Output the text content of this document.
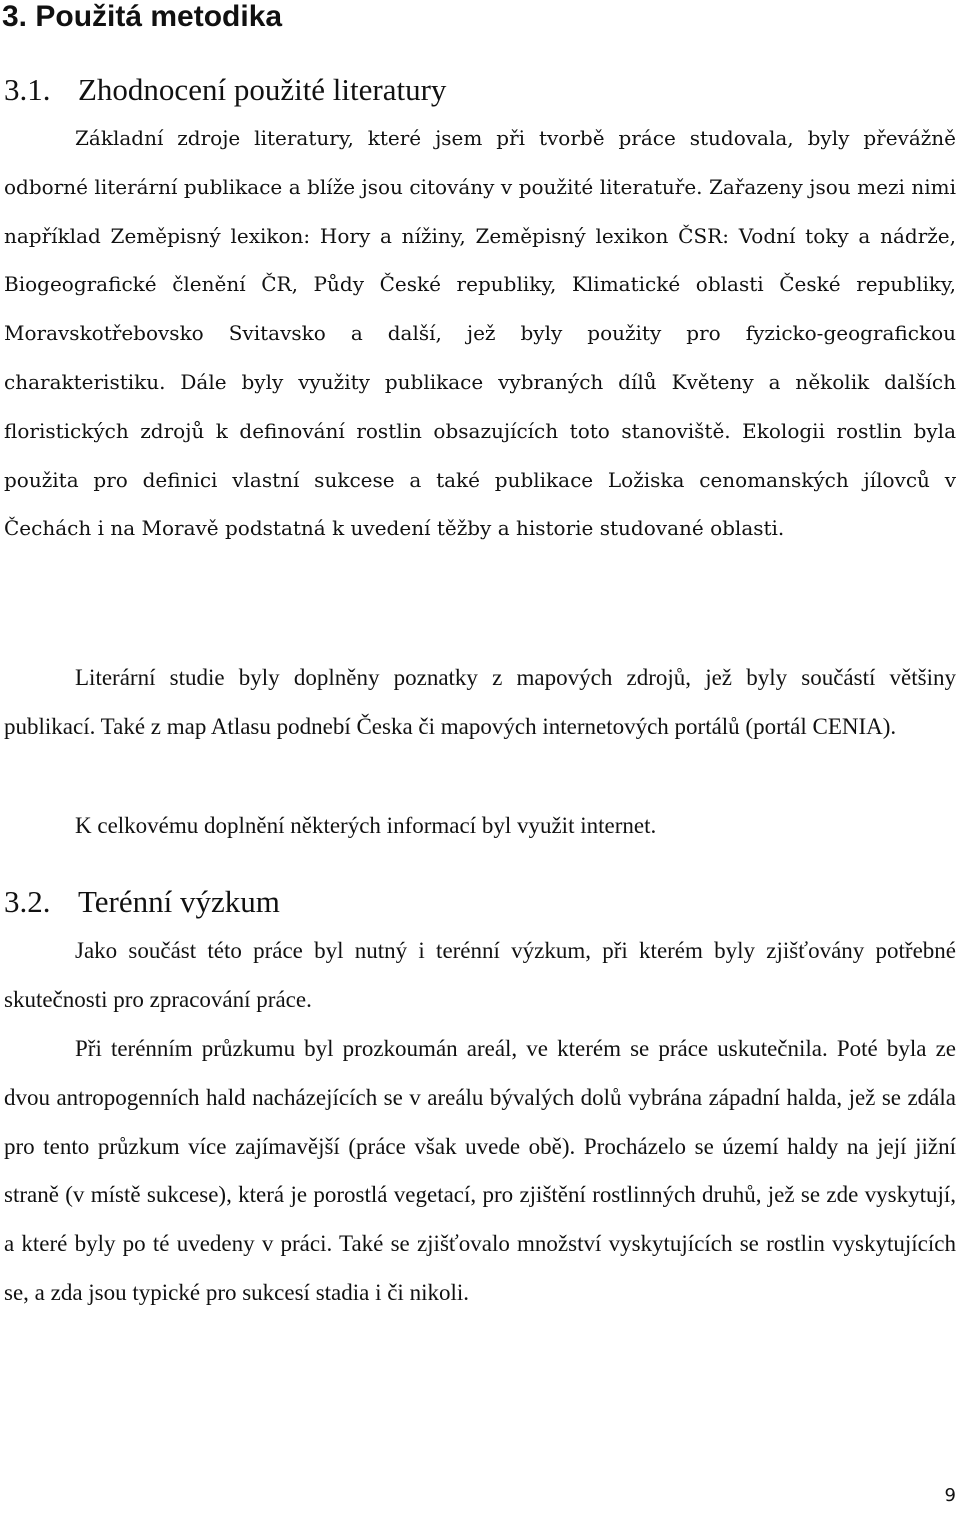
3. Použitá metodika
3.1. Zhodnocení použité literatury

Základní zdroje literatury, které jsem při tvorbě práce studovala, byly převážně odborné literární publikace a blíže jsou citovány v použité literatuře. Zařazeny jsou mezi nimi například Zeměpisný lexikon: Hory a nížiny, Zeměpisný lexikon ČSR: Vodní toky a nádrže, Biogeografické členění ČR, Půdy České republiky, Klimatické oblasti České republiky, Moravskotřebovsko Svitavsko a další, jež byly použity pro fyzicko-geografickou charakteristiku. Dále byly využity publikace vybraných dílů Květeny a několik dalších floristických zdrojů k definování rostlin obsazujících toto stanoviště. Ekologii rostlin byla použita pro definici vlastní sukcese a také publikace Ložiska cenomanských jílovců v Čechách i na Moravě podstatná k uvedení těžby a historie studované oblasti.

Literární studie byly doplněny poznatky z mapových zdrojů, jež byly součástí většiny publikací. Také z map Atlasu podnebí Česka či mapových internetových portálů (portál CENIA).

K celkovému doplnění některých informací byl využit internet.

3.2. Terénní výzkum

Jako součást této práce byl nutný i terénní výzkum, při kterém byly zjišťovány potřebné skutečnosti pro zpracování práce.

Při terénním průzkumu byl prozkoumán areál, ve kterém se práce uskutečnila. Poté byla ze dvou antropogenních hald nacházejících se v areálu bývalých dolů vybrána západní halda, jež se zdála pro tento průzkum více zajímavější (práce však uvede obě). Procházelo se území haldy na její jižní straně (v místě sukcese), která je porostlá vegetací, pro zjištění rostlinných druhů, jež se zde vyskytují, a které byly po té uvedeny v práci. Také se zjišťovalo množství vyskytujících se rostlin vyskytujících se, a zda jsou typické pro sukcesí stadia i či nikoli.

9
